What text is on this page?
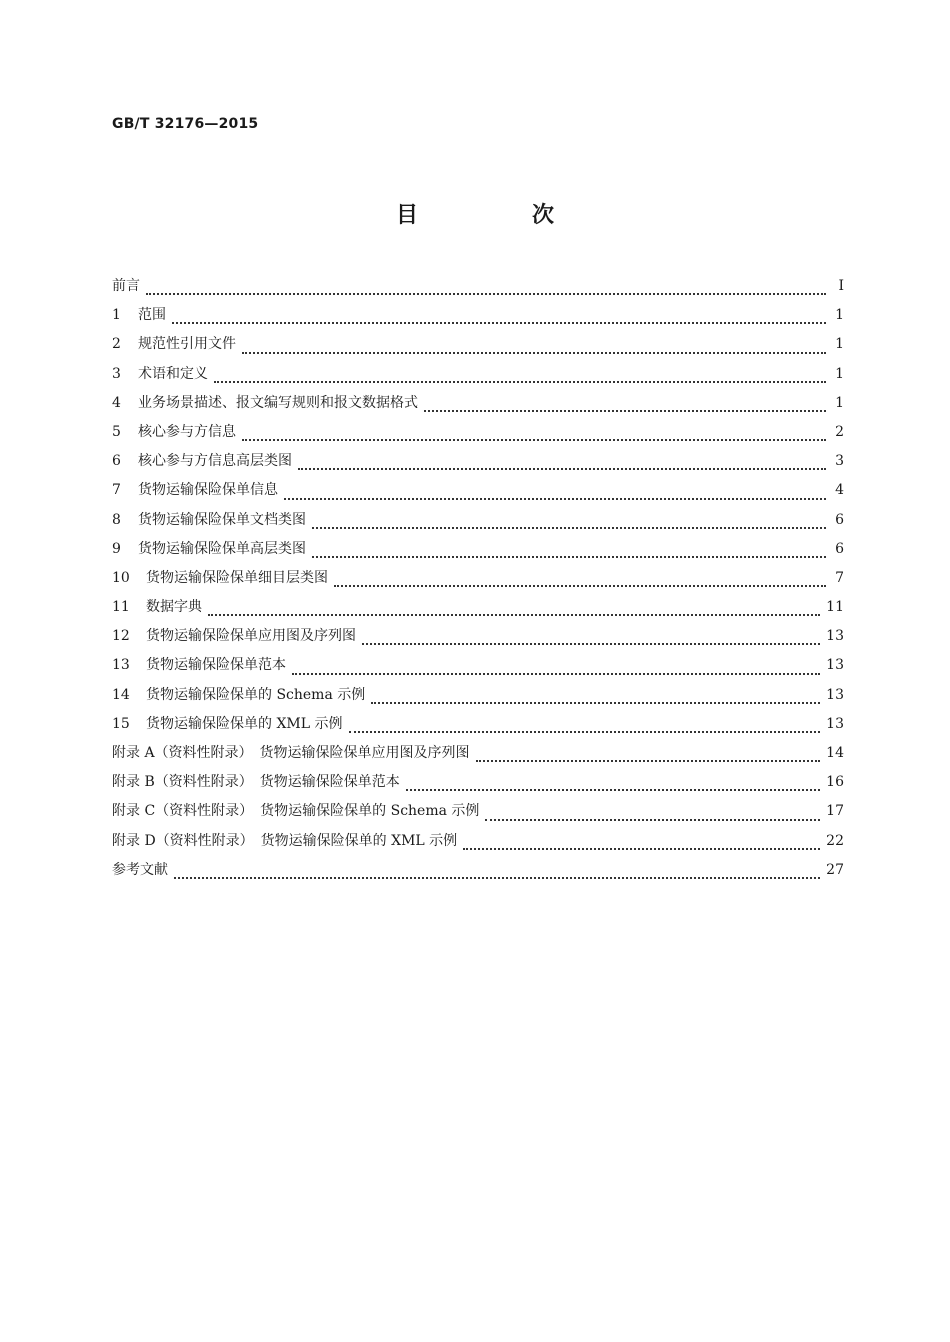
GB/T 32176—2015
目　次
前言	Ⅰ
1	范围	1
2	规范性引用文件	1
3	术语和定义	1
4	业务场景描述、报文编写规则和报文数据格式	1
5	核心参与方信息	2
6	核心参与方信息高层类图	3
7	货物运输保险保单信息	4
8	货物运输保险保单文档类图	6
9	货物运输保险保单高层类图	6
10	货物运输保险保单细目层类图	7
11	数据字典	11
12	货物运输保险保单应用图及序列图	13
13	货物运输保险保单范本	13
14	货物运输保险保单的 Schema 示例	13
15	货物运输保险保单的 XML 示例	13
附录 A（资料性附录）　货物运输保险保单应用图及序列图	14
附录 B（资料性附录）　货物运输保险保单范本	16
附录 C（资料性附录）　货物运输保险保单的 Schema 示例	17
附录 D（资料性附录）　货物运输保险保单的 XML 示例	22
参考文献	27
